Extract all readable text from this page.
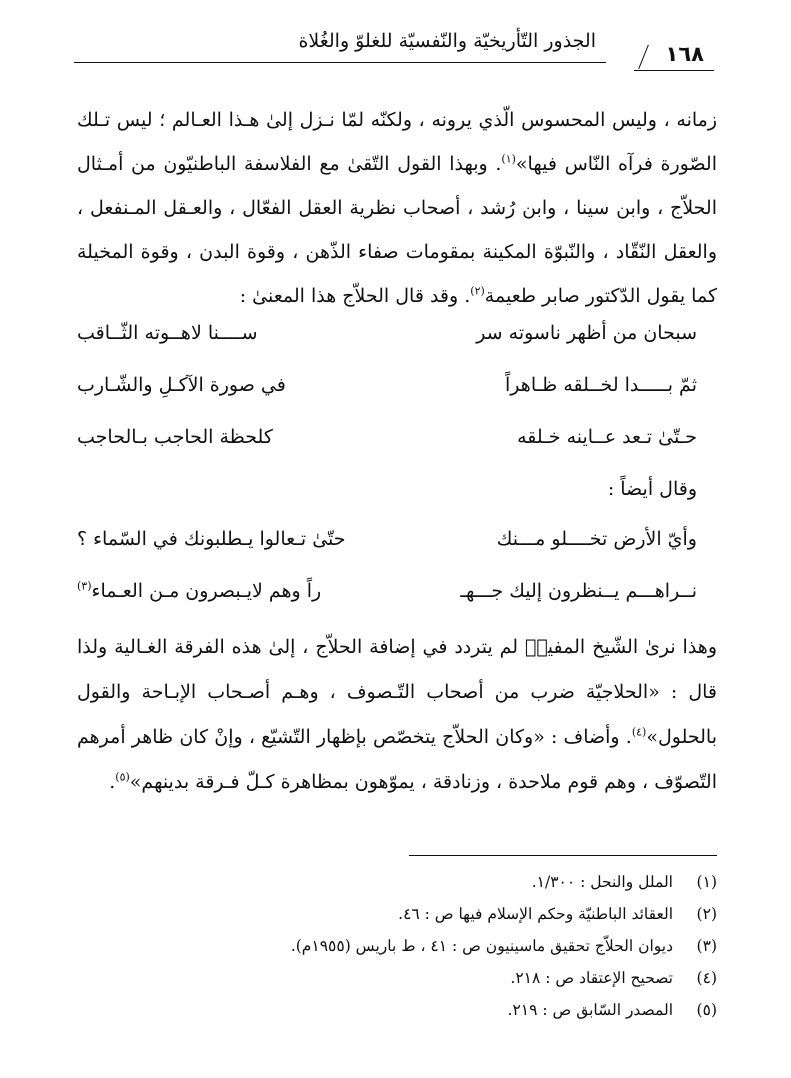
الجذور التّأريخيّة والنّفسيّة للغلوّ والغُلاة
١٦٨

زمانه ، وليس المحسوس الّذي يرونه ، ولكنّه لمّا نـزل إلىٰ هـذا العـالم ؛ ليس تـلك الصّورة فرآه النّاس فيها»$^{(١)}$. وبهذا القول التّقىٰ مع الفلاسفة الباطنيّون من أمـثال الحلاّج ، وابن سينا ، وابن رُشد ، أصحاب نظرية العقل الفعّال ، والعـقل المـنفعل ، والعقل النّقّاد ، والنّبوّة المكينة بمقومات صفاء الذّهن ، وقوة البدن ، وقوة المخيلة كما يقول الدّكتور صابر طعيمة$^{(٢)}$. وقد قال الحلاّج هذا المعنىٰ :

سبحان من أظهر ناسوته سر
ســــنا لاهــوته الثّــاقب
ثمّ بـــــدا لخــلقه ظـاهراً
في صورة الآكـلِ والشّـارب
حـتّىٰ تـعد عــاينه خـلقه
كلحظة الحاجب بـالحاجب
وقال أيضاً :
وأيّ الأرض تخــــلو مـــنك
حتّىٰ تـعالوا يـطلبونك في السّماء ؟
نــراهـــم يــنظرون إليك جـــهـ
راً وهم لايـبصرون مـن العـماء$^{(٣)}$

وهذا نرىٰ الشّيخ المفيدؒ لم يتردد في إضافة الحلاّج ، إلىٰ هذه الفرقة الغـالية ولذا قال : «الحلاجيّة ضرب من أصحاب التّـصوف ، وهـم أصـحاب الإبـاحة والقول بالحلول»$^{(٤)}$. وأضاف : «وكان الحلاّج يتخصّص بإظهار التّشيّع ، وإنْ كان ظاهر أمرهم التّصوّف ، وهم قوم ملاحدة ، وزنادقة ، يموّهون بمظاهرة كـلّ فـرقة بدينهم»$^{(٥)}$.

(١)
الملل والنحل : ١/٣٠٠.
(٢)
العقائد الباطنيّة وحكم الإسلام فيها ص : ٤٦.
(٣)
ديوان الحلاّج تحقيق ماسينيون ص : ٤١ ، ط باريس (١٩٥٥م).
(٤)
تصحيح الإعتقاد ص : ٢١٨.
(٥)
المصدر السّابق ص : ٢١٩.
